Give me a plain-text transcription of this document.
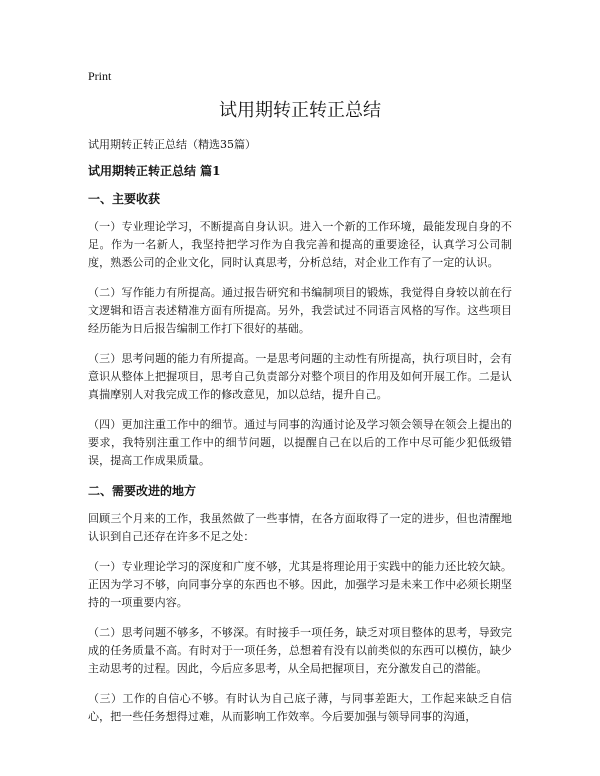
Print
试用期转正转正总结

试用期转正转正总结（精选35篇）

试用期转正转正总结 篇1

一、主要收获

（一）专业理论学习，不断提高自身认识。进入一个新的工作环境，最能发现自身的不足。作为一名新人，我坚持把学习作为自我完善和提高的重要途径，认真学习公司制度，熟悉公司的企业文化，同时认真思考，分析总结，对企业工作有了一定的认识。

（二）写作能力有所提高。通过报告研究和书编制项目的锻炼，我觉得自身较以前在行文逻辑和语言表述精准方面有所提高。另外，我尝试过不同语言风格的写作。这些项目经历能为日后报告编制工作打下很好的基础。

（三）思考问题的能力有所提高。一是思考问题的主动性有所提高，执行项目时，会有意识从整体上把握项目，思考自己负责部分对整个项目的作用及如何开展工作。二是认真揣摩别人对我完成工作的修改意见，加以总结，提升自己。

（四）更加注重工作中的细节。通过与同事的沟通讨论及学习领会领导在领会上提出的要求，我特别注重工作中的细节问题，以提醒自己在以后的工作中尽可能少犯低级错误，提高工作成果质量。

二、需要改进的地方

回顾三个月来的工作，我虽然做了一些事情，在各方面取得了一定的进步，但也清醒地认识到自己还存在许多不足之处：

（一）专业理论学习的深度和广度不够，尤其是将理论用于实践中的能力还比较欠缺。正因为学习不够，向同事分享的东西也不够。因此，加强学习是未来工作中必须长期坚持的一项重要内容。

（二）思考问题不够多，不够深。有时接手一项任务，缺乏对项目整体的思考，导致完成的任务质量不高。有时对于一项任务，总想着有没有以前类似的东西可以模仿，缺少主动思考的过程。因此，今后应多思考，从全局把握项目，充分激发自己的潜能。

（三）工作的自信心不够。有时认为自己底子薄，与同事差距大，工作起来缺乏自信心，把一些任务想得过难，从而影响工作效率。今后要加强与领导同事的沟通，
